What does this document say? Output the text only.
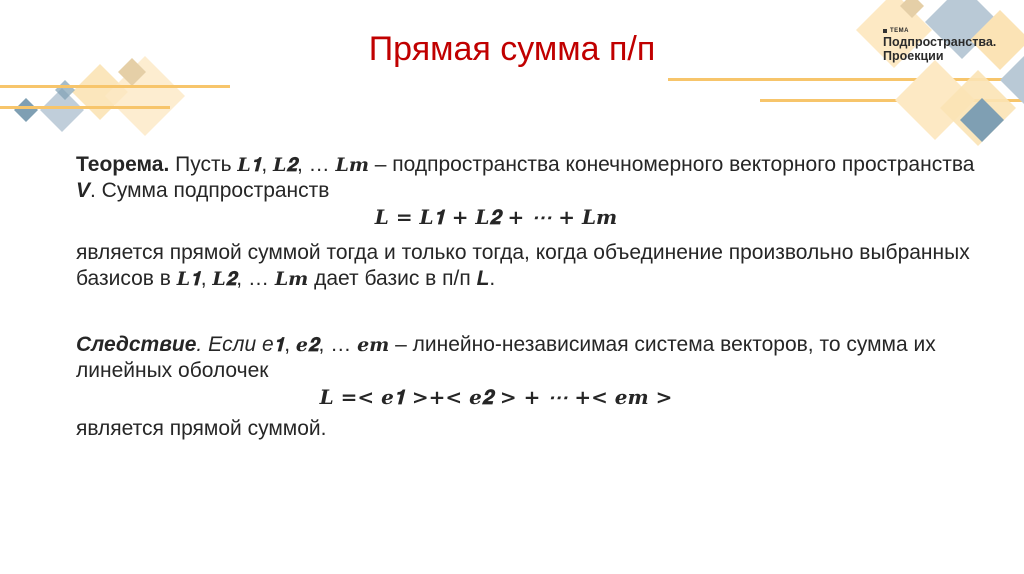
Прямая сумма п/п	ТЕМА
Подпространства.
Проекции

Теорема. Пусть 𝑳𝟏, 𝑳𝟐, … 𝑳𝒎 – подпространства конечномерного векторного пространства V. Сумма подпространств

𝑳 = 𝑳𝟏 + 𝑳𝟐 + ⋯ + 𝑳𝒎

является прямой суммой тогда и только тогда, когда объединение произвольно выбранных базисов в 𝑳𝟏, 𝑳𝟐, … 𝑳𝒎 дает базис в п/п L.

Следствие. Если е𝟏, 𝒆𝟐, … 𝒆𝒎 – линейно-независимая система векторов, то сумма их линейных оболочек

𝑳 =< 𝒆𝟏 >+< 𝒆𝟐 > + ⋯ +< 𝒆𝒎 >

является прямой суммой.
